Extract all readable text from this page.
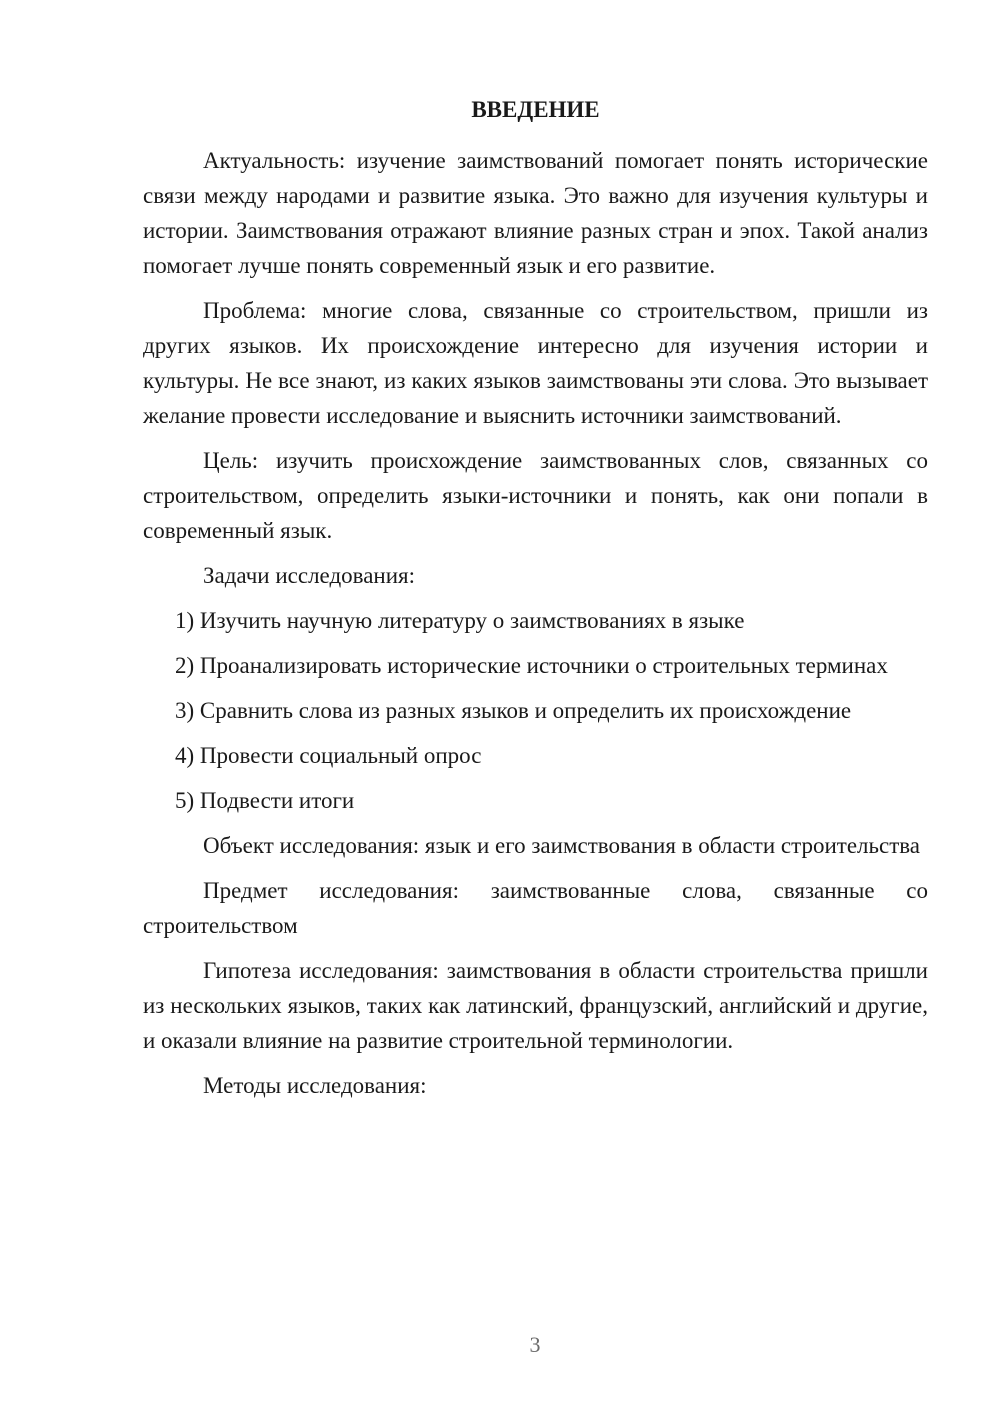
ВВЕДЕНИЕ

Актуальность: изучение заимствований помогает понять исторические связи между народами и развитие языка. Это важно для изучения культуры и истории. Заимствования отражают влияние разных стран и эпох. Такой анализ помогает лучше понять современный язык и его развитие.

Проблема: многие слова, связанные со строительством, пришли из других языков. Их происхождение интересно для изучения истории и культуры. Не все знают, из каких языков заимствованы эти слова. Это вызывает желание провести исследование и выяснить источники заимствований.

Цель: изучить происхождение заимствованных слов, связанных со строительством, определить языки-источники и понять, как они попали в современный язык.

Задачи исследования:

1) Изучить научную литературу о заимствованиях в языке

2) Проанализировать исторические источники о строительных терминах

3) Сравнить слова из разных языков и определить их происхождение

4) Провести социальный опрос

5) Подвести итоги

Объект исследования: язык и его заимствования в области строительства

Предмет исследования: заимствованные слова, связанные со строительством

Гипотеза исследования: заимствования в области строительства пришли из нескольких языков, таких как латинский, французский, английский и другие, и оказали влияние на развитие строительной терминологии.

Методы исследования:

3
